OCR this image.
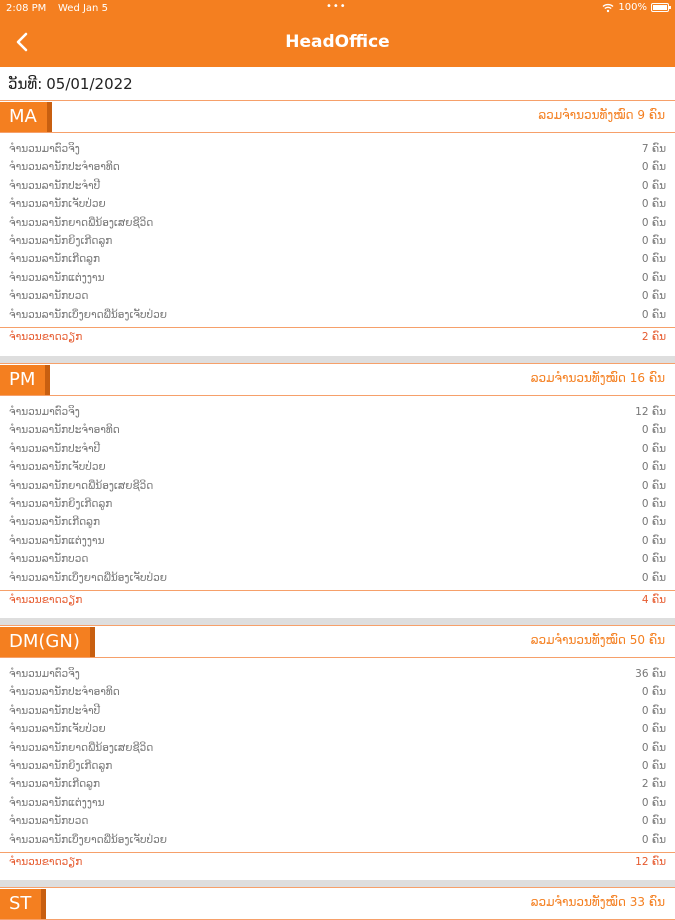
2:08 PM Wed Jan 5	•••	100%
HeadOffice
ວັນທີ: 05/01/2022
MA	ລວມຈຳນວນທັງໝົດ 9 ຄົນ
ຈຳນວນມາຕົວຈິງ	7 ຄົນ
ຈຳນວນລານັກປະຈຳອາທິດ	0 ຄົນ
ຈຳນວນລານັກປະຈຳປີ	0 ຄົນ
ຈຳນວນລານັກເຈັບປ່ວຍ	0 ຄົນ
ຈຳນວນລານັກຍາດພີ່ນ້ອງເສຍຊີວິດ	0 ຄົນ
ຈຳນວນລານັກຍິງເກີດລູກ	0 ຄົນ
ຈຳນວນລານັກເກີດລູກ	0 ຄົນ
ຈຳນວນລານັກແຕ່ງງານ	0 ຄົນ
ຈຳນວນລານັກບວດ	0 ຄົນ
ຈຳນວນລານັກເບິ່ງຍາດພີ່ນ້ອງເຈັບປ່ວຍ	0 ຄົນ
ຈຳນວນຂາດວຽກ	2 ຄົນ
PM	ລວມຈຳນວນທັງໝົດ 16 ຄົນ
ຈຳນວນມາຕົວຈິງ	12 ຄົນ
ຈຳນວນລານັກປະຈຳອາທິດ	0 ຄົນ
ຈຳນວນລານັກປະຈຳປີ	0 ຄົນ
ຈຳນວນລານັກເຈັບປ່ວຍ	0 ຄົນ
ຈຳນວນລານັກຍາດພີ່ນ້ອງເສຍຊີວິດ	0 ຄົນ
ຈຳນວນລານັກຍິງເກີດລູກ	0 ຄົນ
ຈຳນວນລານັກເກີດລູກ	0 ຄົນ
ຈຳນວນລານັກແຕ່ງງານ	0 ຄົນ
ຈຳນວນລານັກບວດ	0 ຄົນ
ຈຳນວນລານັກເບິ່ງຍາດພີ່ນ້ອງເຈັບປ່ວຍ	0 ຄົນ
ຈຳນວນຂາດວຽກ	4 ຄົນ
DM(GN)	ລວມຈຳນວນທັງໝົດ 50 ຄົນ
ຈຳນວນມາຕົວຈິງ	36 ຄົນ
ຈຳນວນລານັກປະຈຳອາທິດ	0 ຄົນ
ຈຳນວນລານັກປະຈຳປີ	0 ຄົນ
ຈຳນວນລານັກເຈັບປ່ວຍ	0 ຄົນ
ຈຳນວນລານັກຍາດພີ່ນ້ອງເສຍຊີວິດ	0 ຄົນ
ຈຳນວນລານັກຍິງເກີດລູກ	0 ຄົນ
ຈຳນວນລານັກເກີດລູກ	2 ຄົນ
ຈຳນວນລານັກແຕ່ງງານ	0 ຄົນ
ຈຳນວນລານັກບວດ	0 ຄົນ
ຈຳນວນລານັກເບິ່ງຍາດພີ່ນ້ອງເຈັບປ່ວຍ	0 ຄົນ
ຈຳນວນຂາດວຽກ	12 ຄົນ
ST	ລວມຈຳນວນທັງໝົດ 33 ຄົນ
